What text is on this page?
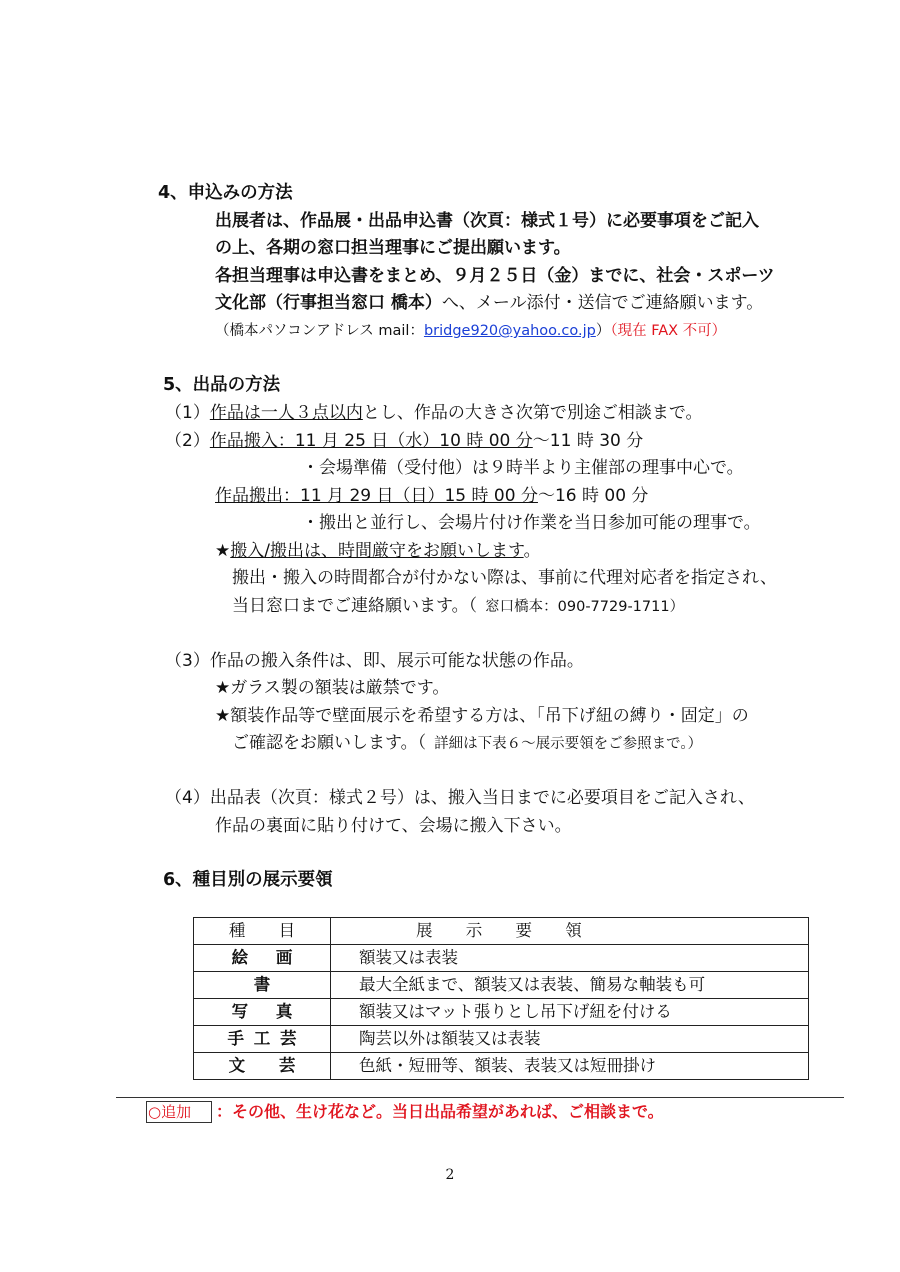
4、申込みの方法
出展者は、作品展・出品申込書（次頁：様式１号）に必要事項をご記入
の上、各期の窓口担当理事にご提出願います。
各担当理事は申込書をまとめ、９月２５日（金）までに、社会・スポーツ
文化部（行事担当窓口 橋本）へ、メール添付・送信でご連絡願います。
（橋本パソコンアドレス mail：bridge920@yahoo.co.jp）（現在 FAX 不可）
5、出品の方法
（1）作品は一人３点以内とし、作品の大きさ次第で別途ご相談まで。
（2）作品搬入：11 月 25 日（水）10 時 00 分～11 時 30 分
・会場準備（受付他）は９時半より主催部の理事中心で。
作品搬出：11 月 29 日（日）15 時 00 分～16 時 00 分
・搬出と並行し、会場片付け作業を当日参加可能の理事で。
★搬入/搬出は、時間厳守をお願いします。
搬出・搬入の時間都合が付かない際は、事前に代理対応者を指定され、
当日窓口までご連絡願います。（ 窓口橋本：090-7729-1711）
（3）作品の搬入条件は、即、展示可能な状態の作品。
★ガラス製の額装は厳禁です。
★額装作品等で壁面展示を希望する方は、「吊下げ紐の縛り・固定」の
ご確認をお願いします。（ 詳細は下表６～展示要領をご参照まで。）
（4）出品表（次頁：様式２号）は、搬入当日までに必要項目をご記入され、
作品の裏面に貼り付けて、会場に搬入下さい。
6、種目別の展示要領
種 目	展 示 要 領
絵 画	額装又は表装
書	最大全紙まで、額装又は表装、簡易な軸装も可
写 真	額装又はマット張りとし吊下げ紐を付ける
手 工 芸	陶芸以外は額装又は表装
文 芸	色紙・短冊等、額装、表装又は短冊掛け
○追加	：その他、生け花など。当日出品希望があれば、ご相談まで。
2
